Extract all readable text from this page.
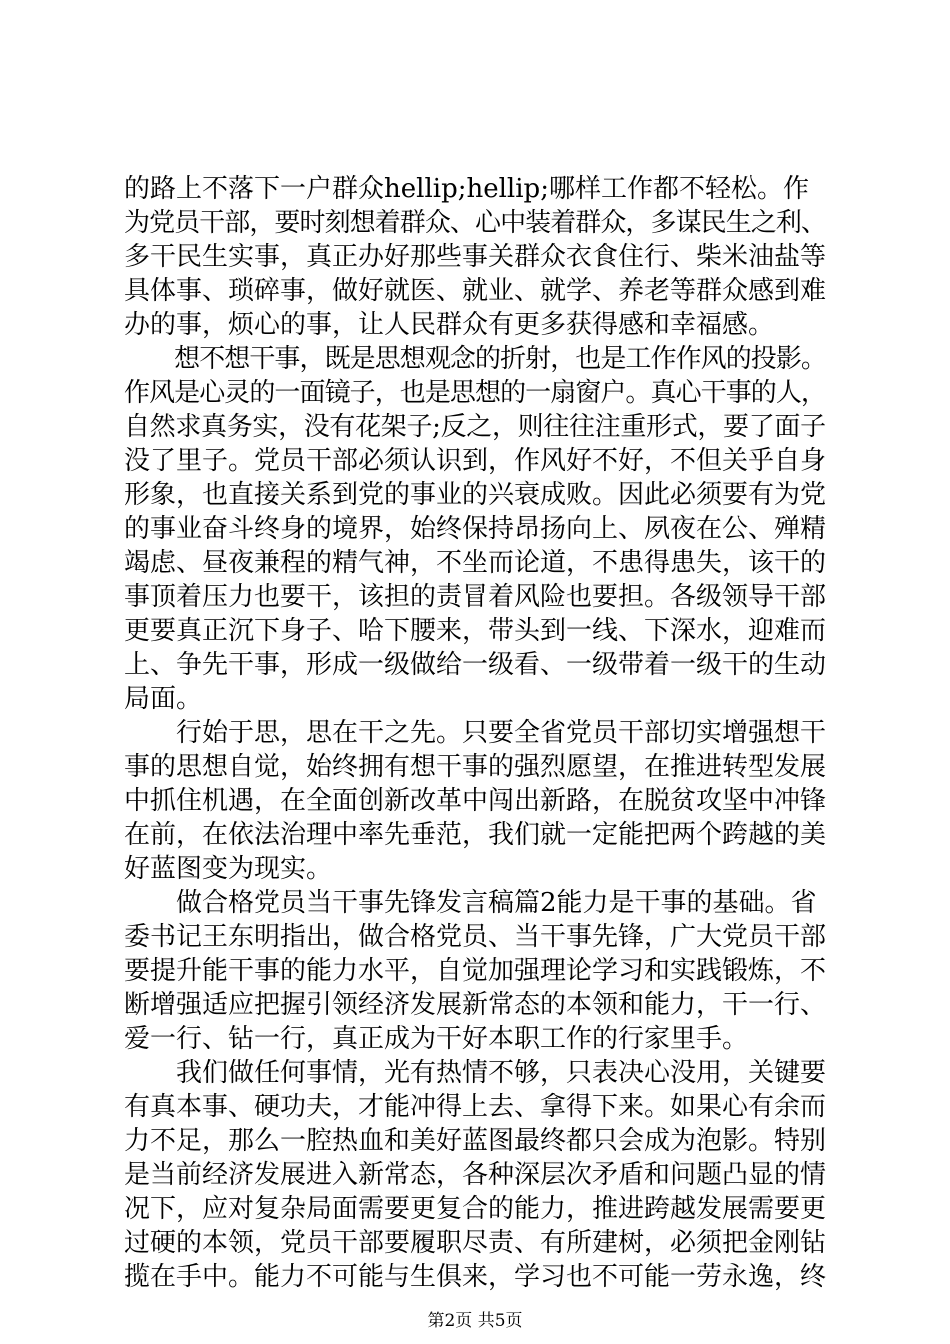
的路上不落下一户群众hellip;hellip;哪样工作都不轻松。作
为党员干部，要时刻想着群众、心中装着群众，多谋民生之利、
多干民生实事，真正办好那些事关群众衣食住行、柴米油盐等
具体事、琐碎事，做好就医、就业、就学、养老等群众感到难
办的事，烦心的事，让人民群众有更多获得感和幸福感。
　　想不想干事，既是思想观念的折射，也是工作作风的投影。
作风是心灵的一面镜子，也是思想的一扇窗户。真心干事的人，
自然求真务实，没有花架子;反之，则往往注重形式，要了面子
没了里子。党员干部必须认识到，作风好不好，不但关乎自身
形象，也直接关系到党的事业的兴衰成败。因此必须要有为党
的事业奋斗终身的境界，始终保持昂扬向上、夙夜在公、殚精
竭虑、昼夜兼程的精气神，不坐而论道，不患得患失，该干的
事顶着压力也要干，该担的责冒着风险也要担。各级领导干部
更要真正沉下身子、哈下腰来，带头到一线、下深水，迎难而
上、争先干事，形成一级做给一级看、一级带着一级干的生动
局面。
　　行始于思，思在干之先。只要全省党员干部切实增强想干
事的思想自觉，始终拥有想干事的强烈愿望，在推进转型发展
中抓住机遇，在全面创新改革中闯出新路，在脱贫攻坚中冲锋
在前，在依法治理中率先垂范，我们就一定能把两个跨越的美
好蓝图变为现实。
　　做合格党员当干事先锋发言稿篇2能力是干事的基础。省
委书记王东明指出，做合格党员、当干事先锋，广大党员干部
要提升能干事的能力水平，自觉加强理论学习和实践锻炼，不
断增强适应把握引领经济发展新常态的本领和能力，干一行、
爱一行、钻一行，真正成为干好本职工作的行家里手。
　　我们做任何事情，光有热情不够，只表决心没用，关键要
有真本事、硬功夫，才能冲得上去、拿得下来。如果心有余而
力不足，那么一腔热血和美好蓝图最终都只会成为泡影。特别
是当前经济发展进入新常态，各种深层次矛盾和问题凸显的情
况下，应对复杂局面需要更复合的能力，推进跨越发展需要更
过硬的本领，党员干部要履职尽责、有所建树，必须把金刚钻
揽在手中。能力不可能与生俱来，学习也不可能一劳永逸，终
第2页 共5页
